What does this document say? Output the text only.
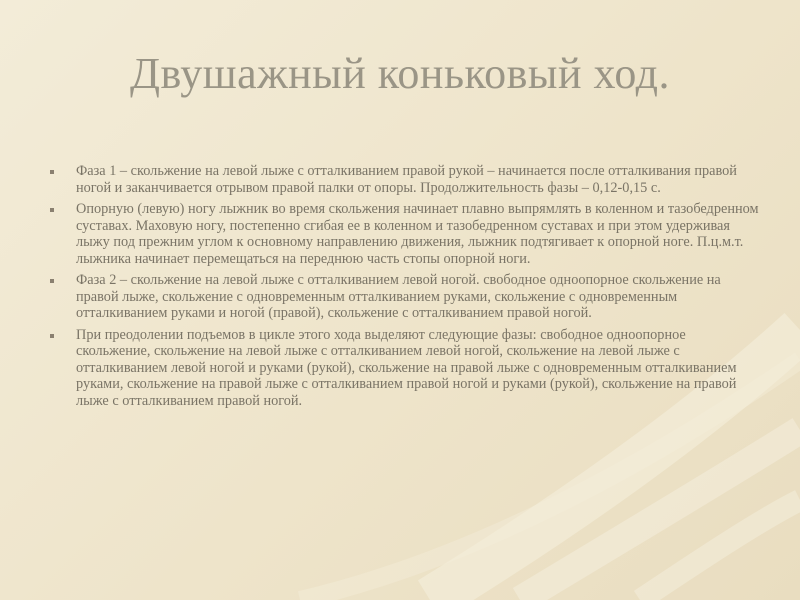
Двушажный коньковый ход.
Фаза 1 – скольжение на левой лыже с отталкиванием правой рукой – начинается после отталкивания правой ногой и заканчивается отрывом правой палки от опоры. Продолжительность фазы – 0,12-0,15 с.
Опорную (левую) ногу лыжник во время скольжения начинает плавно выпрямлять в коленном и тазобедренном суставах. Маховую ногу, постепенно сгибая ее в коленном и тазобедренном суставах и при этом удерживая лыжу под прежним углом к основному направлению движения, лыжник подтягивает к опорной ноге. П.ц.м.т. лыжника начинает перемещаться на переднюю часть стопы опорной ноги.
Фаза 2 – скольжение на левой лыже с отталкиванием левой ногой. свободное одноопорное скольжение на правой лыже, скольжение с одновременным отталкиванием руками, скольжение с одновременным отталкиванием руками и ногой (правой), скольжение с отталкиванием правой ногой.
При преодолении подъемов в цикле этого хода выделяют следующие фазы: свободное одноопорное скольжение, скольжение на левой лыже с отталкиванием левой ногой, скольжение на левой лыже с отталкиванием левой ногой и руками (рукой), скольжение на правой лыже с одновременным отталкиванием руками, скольжение на правой лыже с отталкиванием правой ногой и руками (рукой), скольжение на правой лыже с отталкиванием правой ногой.
